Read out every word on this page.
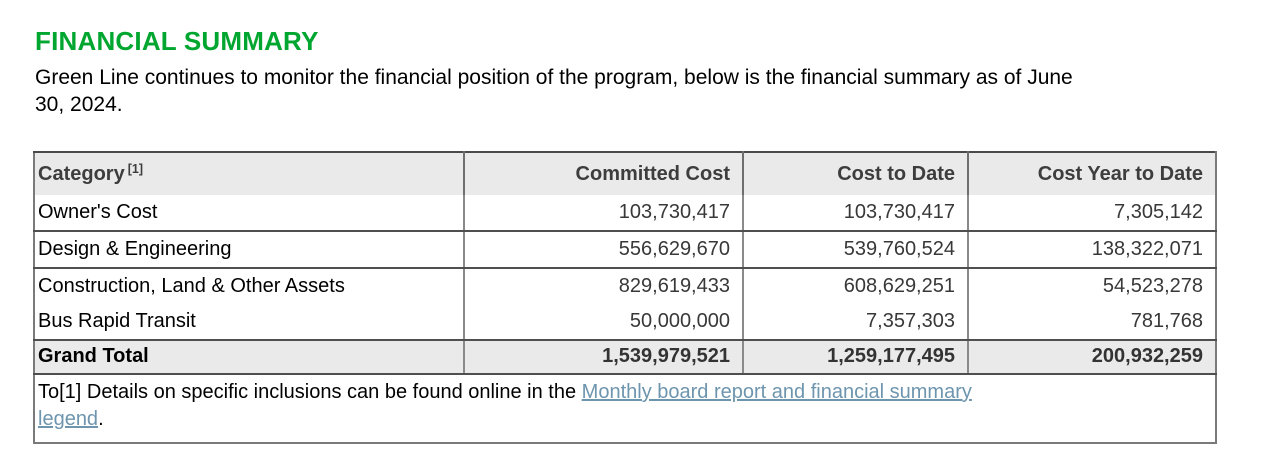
FINANCIAL SUMMARY
Green Line continues to monitor the financial position of the program, below is the financial summary as of June
30, 2024.
Category [1]	Committed Cost	Cost to Date	Cost Year to Date
Owner's Cost	103,730,417	103,730,417	7,305,142
Design & Engineering	556,629,670	539,760,524	138,322,071
Construction, Land & Other Assets	829,619,433	608,629,251	54,523,278
Bus Rapid Transit	50,000,000	7,357,303	781,768
Grand Total	1,539,979,521	1,259,177,495	200,932,259
To[1] Details on specific inclusions can be found online in the Monthly board report and financial summary
legend.			
